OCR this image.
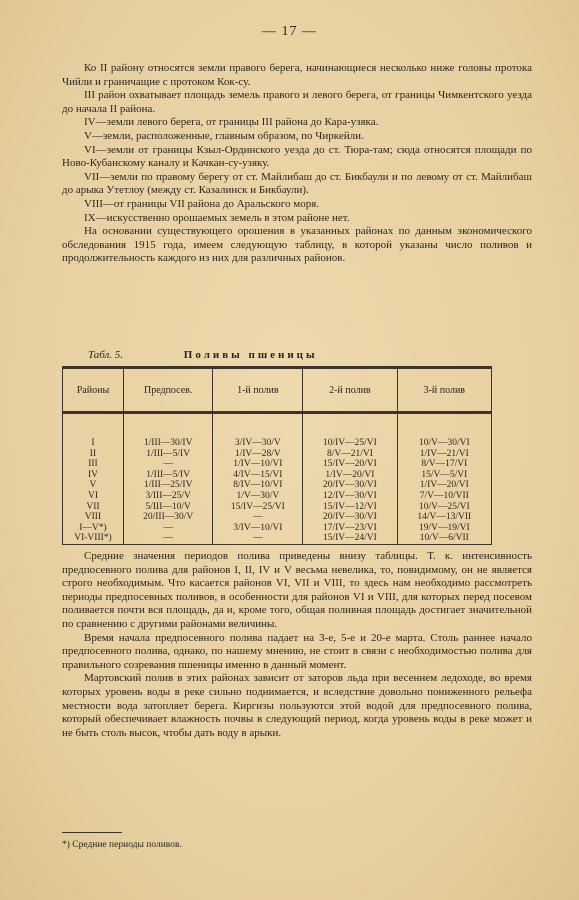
— 17 —

Ко II району относятся земли правого берега, начинающиеся несколько ниже головы протока Чийли и граничащие с протоком Кок-су.

III район охватывает площадь земель правого и левого берега, от границы Чимкентского уезда до начала II района.

IV—земли левого берега, от границы III района до Кара-узяка.

V—земли, расположенные, главным образом, по Чиркейли.

VI—земли от границы Кзыл-Ординского уезда до ст. Тюра-там; сюда относятся площади по Ново-Кубанскому каналу и Качкан-су-узяку.

VII—земли по правому берегу от ст. Майлибаш до ст. Бикбаули и по левому от ст. Майлибаш до арыка Утетлоу (между ст. Казалинск и Бикбаули).

VIII—от границы VII района до Аральского моря.

IX—искусственно орошаемых земель в этом районе нет.

На основании существующего орошения в указанных районах по данным экономического обследования 1915 года, имеем следующую таблицу, в которой указаны число поливов и продолжительность каждого из них для различных районов.

Табл. 5.	Поливы пшеницы
Районы	Предпосев.	1-й полив	2-й полив	3-й полив

I	1/III—30/IV	3/IV—30/V	10/IV—25/VI	10/V—30/VI
II	1/III—5/IV	1/IV—28/V	8/V—21/VI	1/IV—21/VI
III	—	1/IV—10/VI	15/IV—20/VI	8/V—17/VI
IV	1/III—5/IV	4/IV—15/VI	1/IV—20/VI	15/V—5/VI
V	1/III—25/IV	8/IV—10/VI	20/IV—30/VI	1/IV—20/VI
VI	3/III—25/V	1/V—30/V	12/IV—30/VI	7/V—10/VII
VII	5/III—10/V	15/IV—25/VI	15/IV—12/VI	10/V—25/VI
VIII	20/III—30/V	—	20/IV—30/VI	14/V—13/VII
I—V*)	—	3/IV—10/VI	17/IV—23/VI	19/V—19/VI
VI-VIII*)	—	—	15/IV—24/VI	10/V—6/VII

Средние значения периодов полива приведены внизу таблицы. Т. к. интенсивность предпосевного полива для районов I, II, IV и V весьма невелика, то, повидимому, он не является строго необходимым. Что касается районов VI, VII и VIII, то здесь нам необходимо рассмотреть периоды предпосевных поливов, в особенности для районов VI и VIII, для которых перед посевом поливается почти вся площадь, да и, кроме того, общая поливная площадь достигает значительной по сравнению с другими районами величины.

Время начала предпосевного полива падает на 3-е, 5-е и 20-е марта. Столь раннее начало предпосевного полива, однако, по нашему мнению, не стоит в связи с необходимостью полива для правильного созревания пшеницы именно в данный момент.

Мартовский полив в этих районах зависит от заторов льда при весеннем ледоходе, во время которых уровень воды в реке сильно поднимается, и вследствие довольно пониженного рельефа местности вода затопляет берега. Киргизы пользуются этой водой для предпосевного полива, который обеспечивает влажность почвы в следующий период, когда уровень воды в реке может и не быть столь высок, чтобы дать воду в арыки.

*) Средние периоды поливов.
